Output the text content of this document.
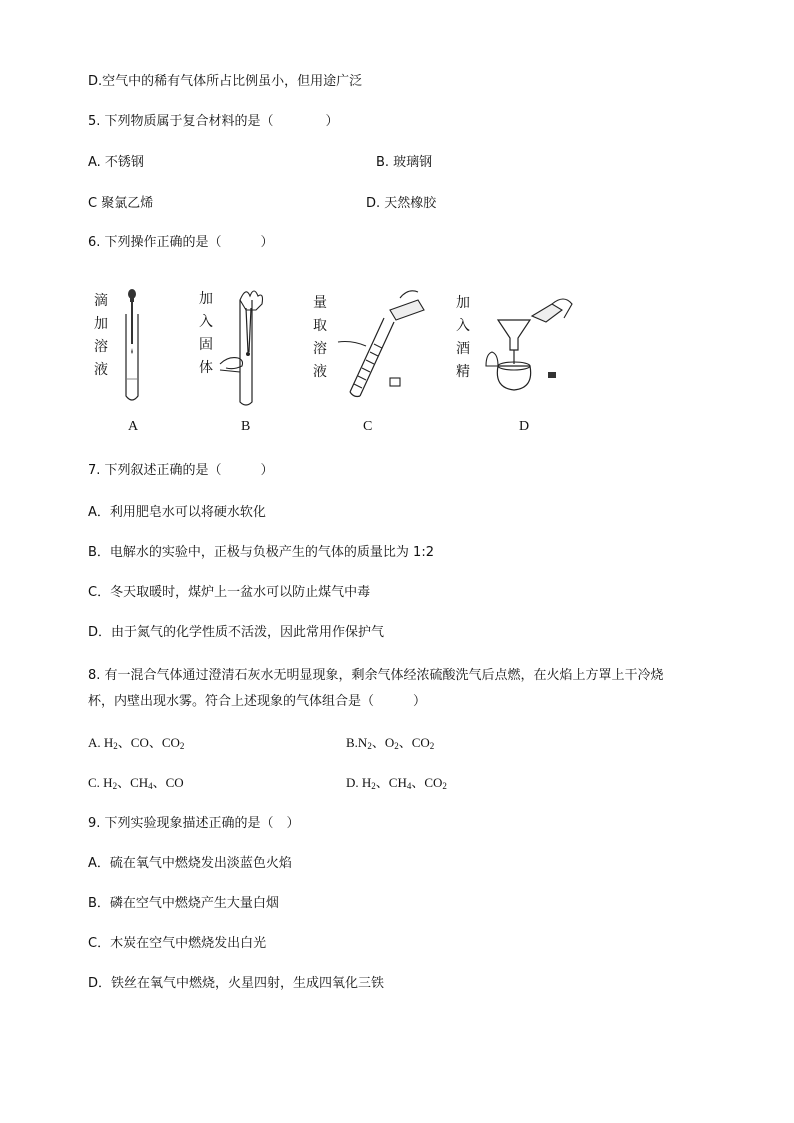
D.空气中的稀有气体所占比例虽小，但用途广泛
5. 下列物质属于复合材料的是（　　　　）
A. 不锈钢	B. 玻璃钢
C 聚氯乙烯	D. 天然橡胶
6. 下列操作正确的是（　　　）
滴
加
溶
液
加
入
固
体
量
取
溶
液
加
入
酒
精
A	B	C	D
7. 下列叙述正确的是（　　　）
A．利用肥皂水可以将硬水软化
B．电解水的实验中，正极与负极产生的气体的质量比为 1:2
C．冬天取暖时，煤炉上一盆水可以防止煤气中毒
D．由于氮气的化学性质不活泼，因此常用作保护气
8. 有一混合气体通过澄清石灰水无明显现象，剩余气体经浓硫酸洗气后点燃，在火焰上方罩上干冷烧
杯，内壁出现水雾。符合上述现象的气体组合是（　　　）
A. $H_2$、CO、$CO_2$	$B.N_2$、$O_2$、$CO_2$
C. $H_2$、$CH_4$、CO	D. $H_2$、$CH_4$、$CO_2$
9. 下列实验现象描述正确的是（　）
A．硫在氧气中燃烧发出淡蓝色火焰
B．磷在空气中燃烧产生大量白烟
C．木炭在空气中燃烧发出白光
D．铁丝在氧气中燃烧，火星四射，生成四氧化三铁
